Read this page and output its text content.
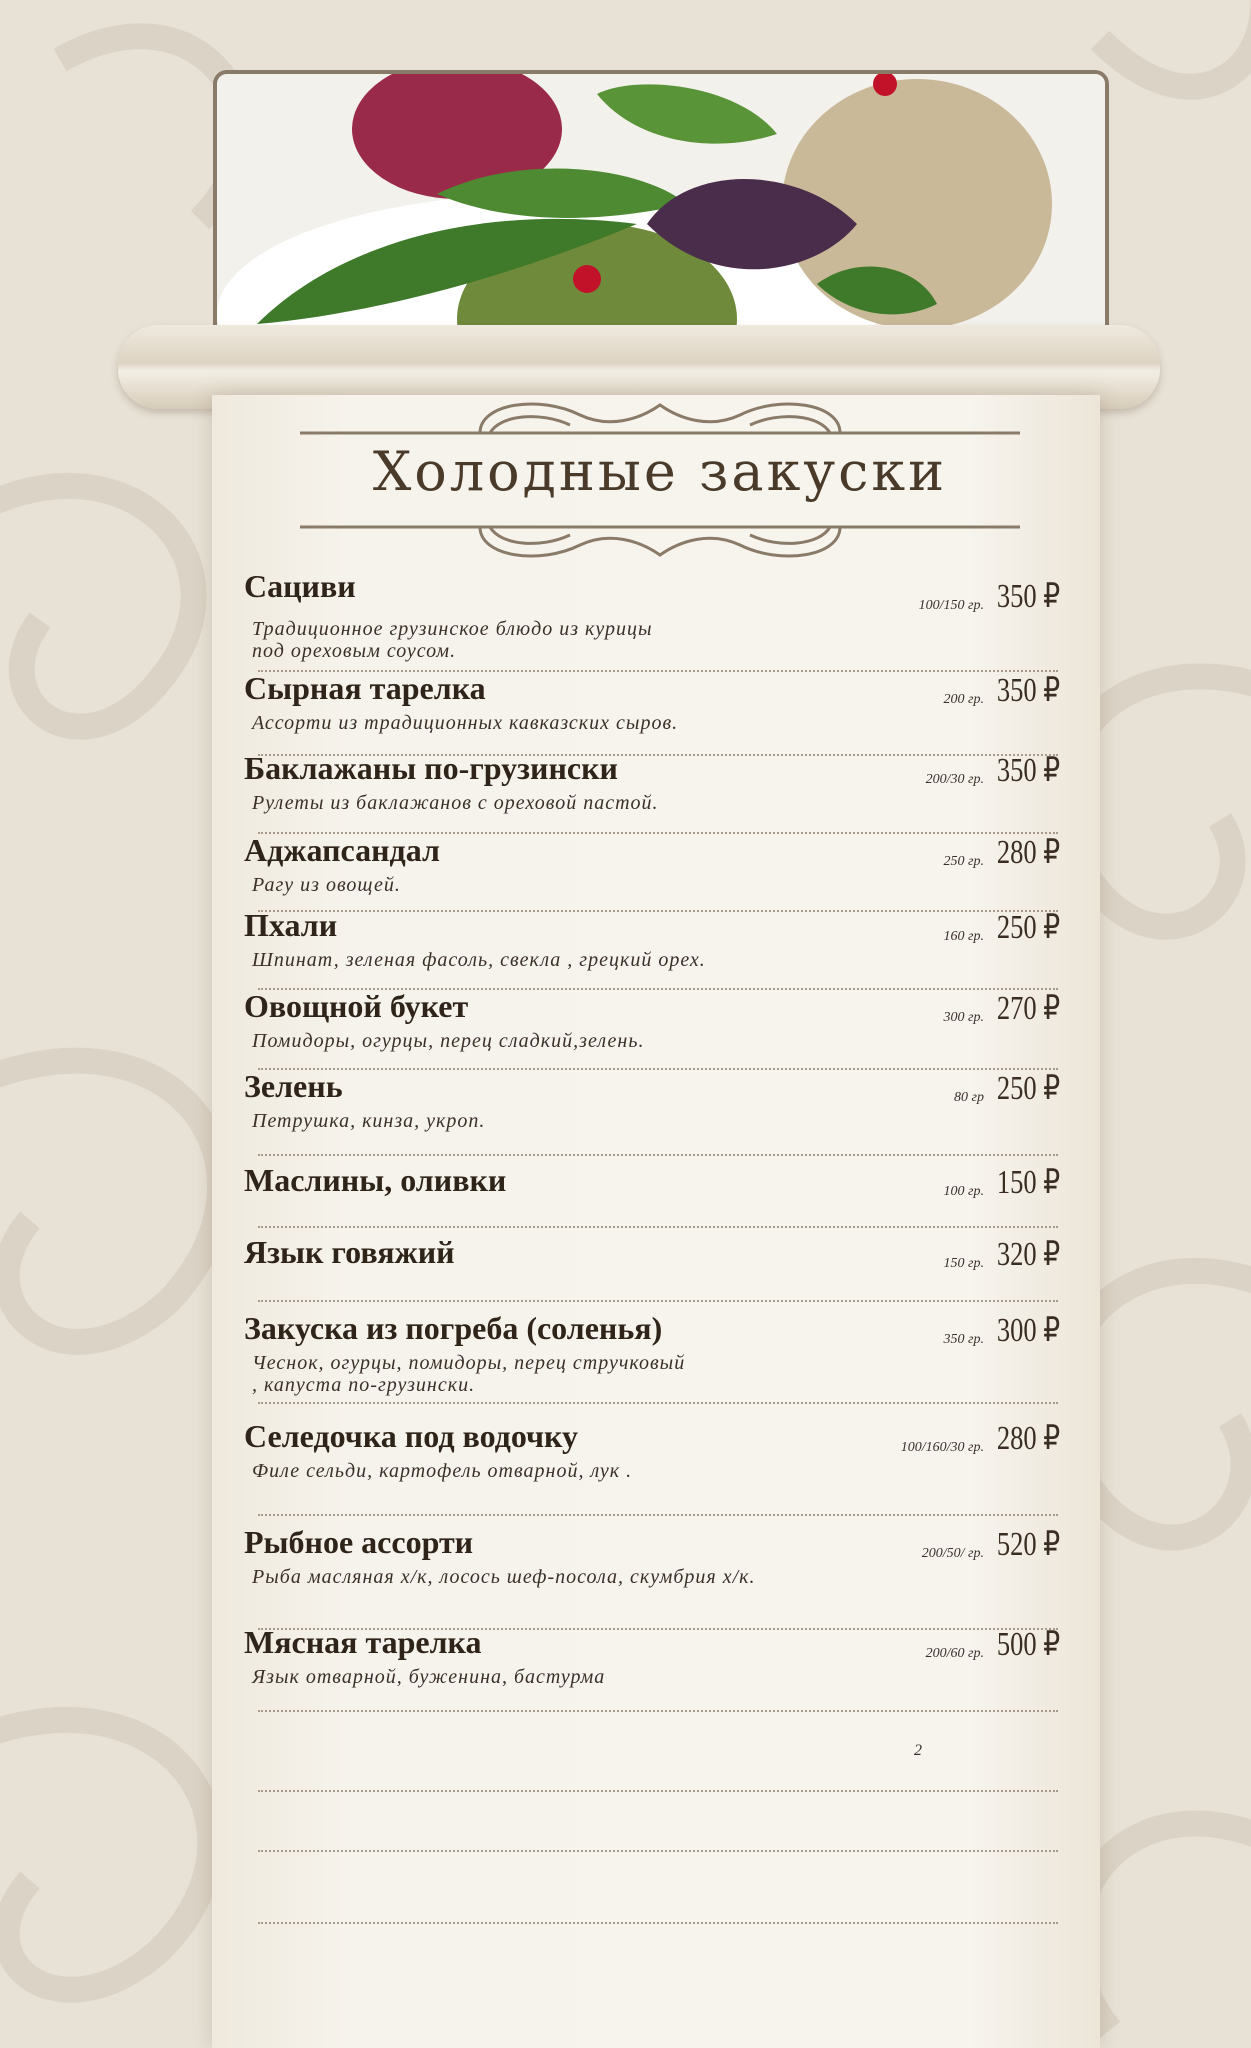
Холодные закуски
Сациви
Традиционное грузинское блюдо из курицы
под ореховым соусом.
100/150 гр. 350 ₽
Сырная тарелка
Ассорти из традиционных кавказских сыров.
200 гр. 350 ₽
Баклажаны по-грузински
Рулеты из баклажанов с ореховой пастой.
200/30 гр. 350 ₽
Аджапсандал
Рагу из овощей.
250 гр. 280 ₽
Пхали
Шпинат, зеленая фасоль, свекла , грецкий орех.
160 гр. 250 ₽
Овощной букет
Помидоры, огурцы, перец сладкий,зелень.
300 гр. 270 ₽
Зелень
Петрушка, кинза, укроп.
80 гр 250 ₽
Маслины, оливки	100 гр. 150 ₽
Язык говяжий	150 гр. 320 ₽
Закуска из погреба (соленья)
Чеснок, огурцы, помидоры, перец стручковый
, капуста по-грузински.
350 гр. 300 ₽
Селедочка под водочку
Филе сельди, картофель отварной, лук .
100/160/30 гр. 280 ₽
Рыбное ассорти
Рыба масляная х/к, лосось шеф-посола, скумбрия х/к.
200/50/ гр. 520 ₽
Мясная тарелка
Язык отварной, буженина, бастурма
200/60 гр. 500 ₽
2
